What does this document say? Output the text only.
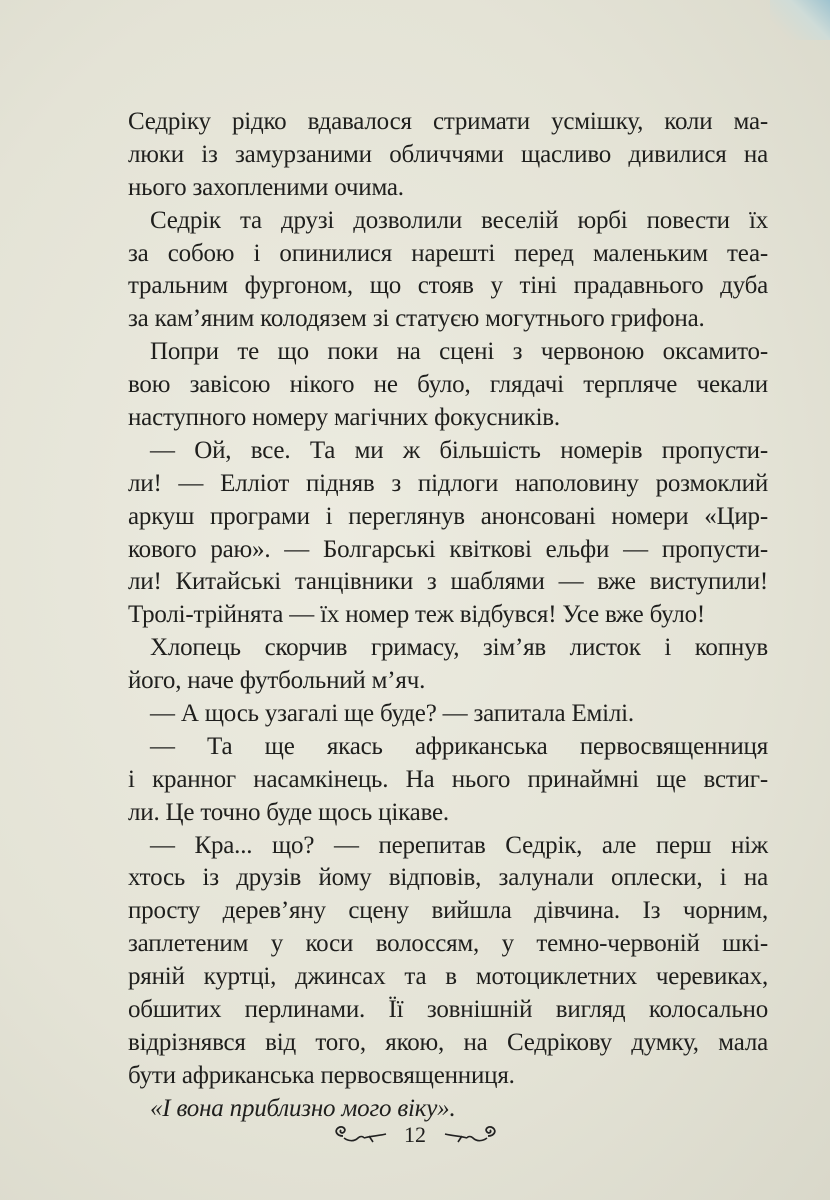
Седріку рідко вдавалося стримати усмішку, коли ма-
люки із замурзаними обличчями щасливо дивилися на
нього захопленими очима.
Седрік та друзі дозволили веселій юрбі повести їх
за собою і опинилися нарешті перед маленьким теа-
тральним фургоном, що стояв у тіні прадавнього дуба
за кам’яним колодязем зі статуєю могутнього грифона.
Попри те що поки на сцені з червоною оксамито-
вою завісою нікого не було, глядачі терпляче чекали
наступного номеру магічних фокусників.
— Ой, все. Та ми ж більшість номерів пропусти-
ли! — Елліот підняв з підлоги наполовину розмоклий
аркуш програми і переглянув анонсовані номери «Цир-
кового раю». — Болгарські квіткові ельфи — пропусти-
ли! Китайські танцівники з шаблями — вже виступили!
Тролі-трійнята — їх номер теж відбувся! Усе вже було!
Хлопець скорчив гримасу, зім’яв листок і копнув
його, наче футбольний м’яч.
— А щось узагалі ще буде? — запитала Емілі.
— Та ще якась африканська первосвященниця
і кранног насамкінець. На нього принаймні ще встиг-
ли. Це точно буде щось цікаве.
— Кра... що? — перепитав Седрік, але перш ніж
хтось із друзів йому відповів, залунали оплески, і на
просту дерев’яну сцену вийшла дівчина. Із чорним,
заплетеним у коси волоссям, у темно-червоній шкі-
ряній куртці, джинсах та в мотоциклетних черевиках,
обшитих перлинами. Її зовнішній вигляд колосально
відрізнявся від того, якою, на Седрікову думку, мала
бути африканська первосвященниця.
«І вона приблизно мого віку».
12
